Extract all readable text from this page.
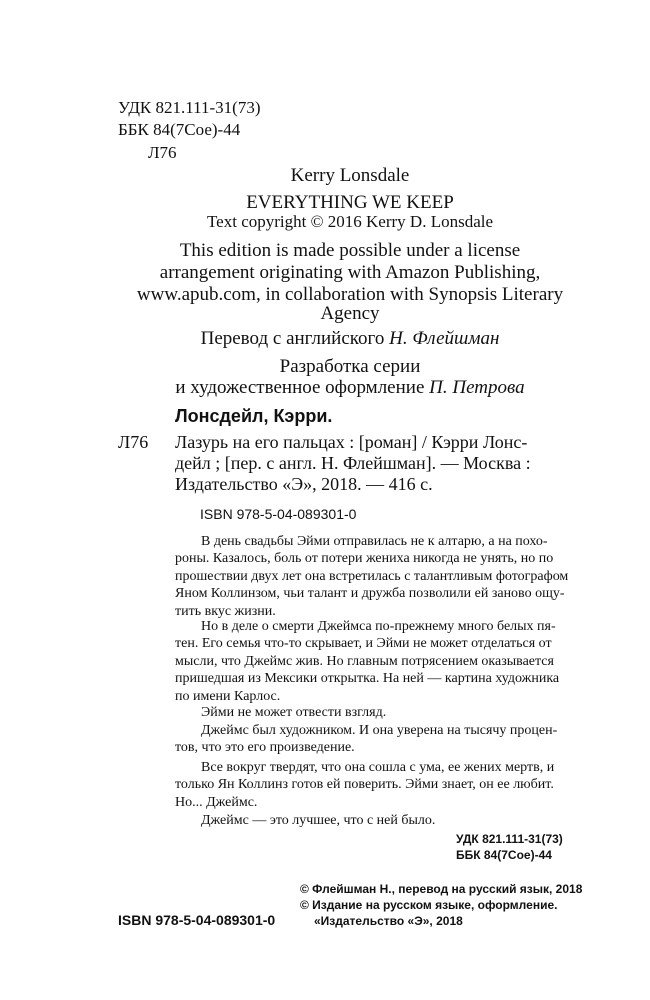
УДК 821.111-31(73)
ББК 84(7Сое)-44
Л76
Kerry Lonsdale
EVERYTHING WE KEEP
Text copyright © 2016 Kerry D. Lonsdale
This edition is made possible under a license
arrangement originating with Amazon Publishing,
www.apub.com, in collaboration with Synopsis Literary
Agency
Перевод с английского Н. Флейшман
Разработка серии
и художественное оформление П. Петрова
Лонсдейл, Кэрри.
Л76 Лазурь на его пальцах : [роман] / Кэрри Лонс-
дейл ; [пер. с англ. Н. Флейшман]. — Москва :
Издательство «Э», 2018. — 416 с.
ISBN 978-5-04-089301-0
В день свадьбы Эйми отправилась не к алтарю, а на похо-
роны. Казалось, боль от потери жениха никогда не унять, но по
прошествии двух лет она встретилась с талантливым фотографом
Яном Коллинзом, чьи талант и дружба позволили ей заново ощу-
тить вкус жизни.
Но в деле о смерти Джеймса по-прежнему много белых пя-
тен. Его семья что-то скрывает, и Эйми не может отделаться от
мысли, что Джеймс жив. Но главным потрясением оказывается
пришедшая из Мексики открытка. На ней — картина художника
по имени Карлос.
Эйми не может отвести взгляд.
Джеймс был художником. И она уверена на тысячу процен-
тов, что это его произведение.
Все вокруг твердят, что она сошла с ума, ее жених мертв, и
только Ян Коллинз готов ей поверить. Эйми знает, он ее любит.
Но... Джеймс.
Джеймс — это лучшее, что с ней было.
УДК 821.111-31(73)
ББК 84(7Сое)-44
© Флейшман Н., перевод на русский язык, 2018
© Издание на русском языке, оформление.
«Издательство «Э», 2018
ISBN 978-5-04-089301-0
